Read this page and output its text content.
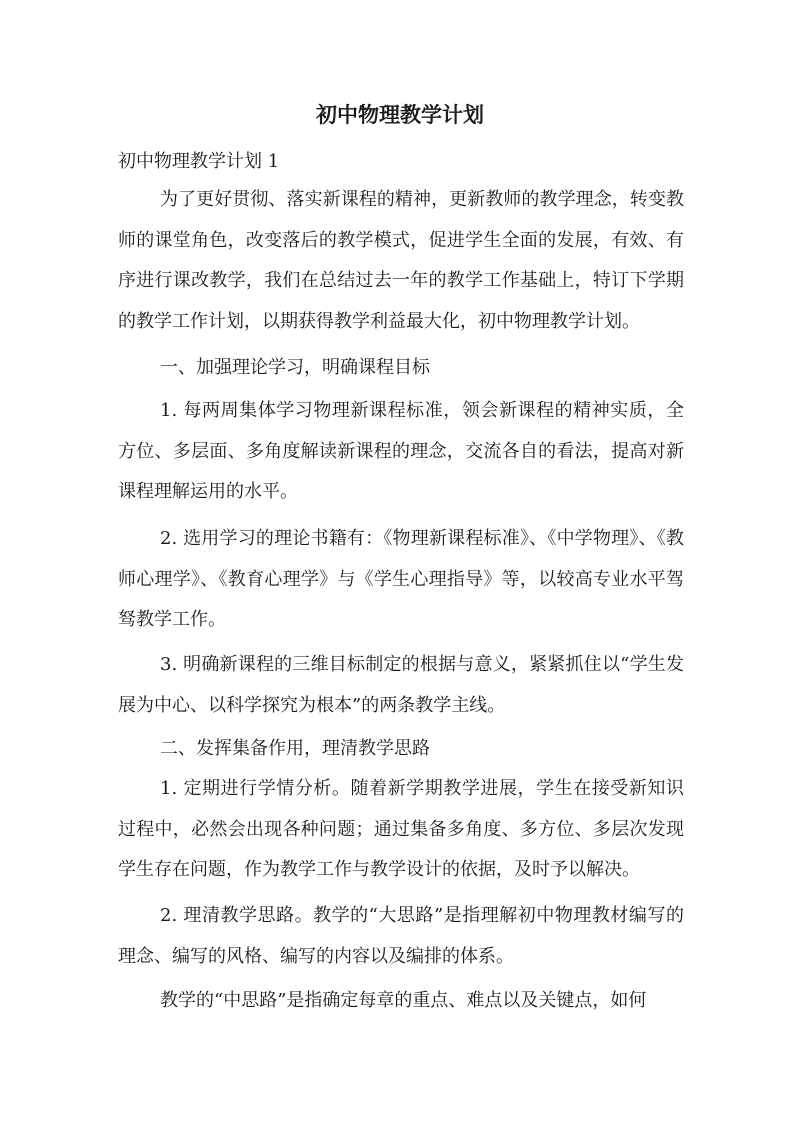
初中物理教学计划
初中物理教学计划 1
为了更好贯彻、落实新课程的精神，更新教师的教学理念，转变教师的课堂角色，改变落后的教学模式，促进学生全面的发展，有效、有序进行课改教学，我们在总结过去一年的教学工作基础上，特订下学期的教学工作计划，以期获得教学利益最大化，初中物理教学计划。
一、加强理论学习，明确课程目标
1. 每两周集体学习物理新课程标准，领会新课程的精神实质，全方位、多层面、多角度解读新课程的理念，交流各自的看法，提高对新课程理解运用的水平。
2. 选用学习的理论书籍有：《物理新课程标准》、《中学物理》、《教师心理学》、《教育心理学》与《学生心理指导》等，以较高专业水平驾驽教学工作。
3. 明确新课程的三维目标制定的根据与意义，紧紧抓住以“学生发展为中心、以科学探究为根本”的两条教学主线。
二、发挥集备作用，理清教学思路
1. 定期进行学情分析。随着新学期教学进展，学生在接受新知识过程中，必然会出现各种问题；通过集备多角度、多方位、多层次发现学生存在问题，作为教学工作与教学设计的依据，及时予以解决。
2. 理清教学思路。教学的“大思路”是指理解初中物理教材编写的理念、编写的风格、编写的内容以及编排的体系。
教学的“中思路”是指确定每章的重点、难点以及关键点，如何
